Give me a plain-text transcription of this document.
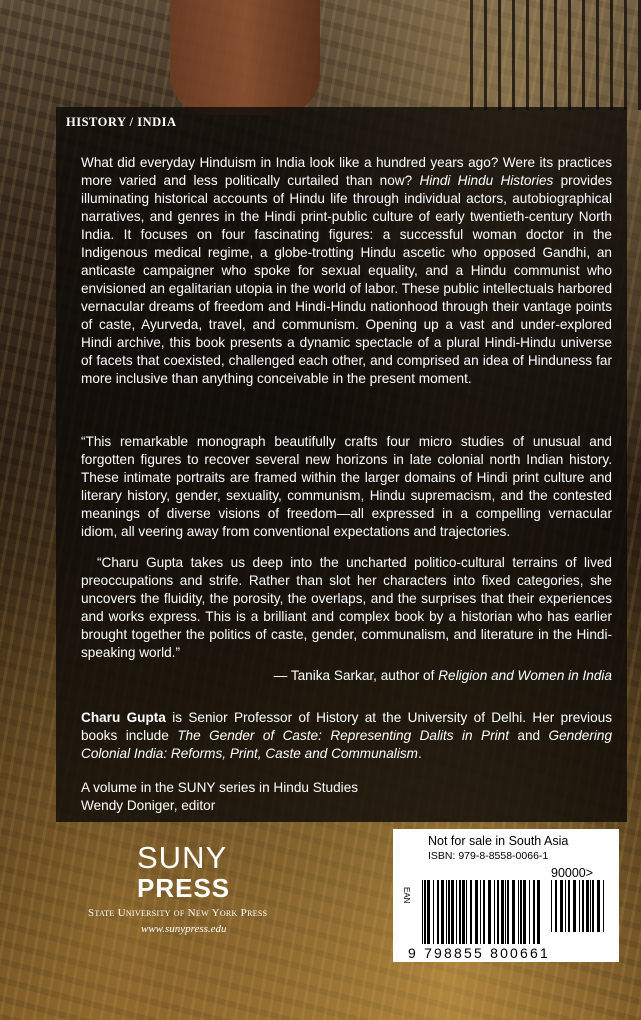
HISTORY / INDIA

What did everyday Hinduism in India look like a hundred years ago? Were its practices more varied and less politically curtailed than now? Hindi Hindu Histories provides illuminating historical accounts of Hindu life through individual actors, autobiographical narratives, and genres in the Hindi print-public culture of early twentieth-century North India. It focuses on four fascinating figures: a successful woman doctor in the Indigenous medical regime, a globe-trotting Hindu ascetic who opposed Gandhi, an anticaste campaigner who spoke for sexual equality, and a Hindu communist who envisioned an egalitarian utopia in the world of labor. These public intellectuals harbored vernacular dreams of freedom and Hindi-Hindu nationhood through their vantage points of caste, Ayurveda, travel, and communism. Opening up a vast and under-explored Hindi archive, this book presents a dynamic spectacle of a plural Hindi-Hindu universe of facets that coexisted, challenged each other, and comprised an idea of Hinduness far more inclusive than anything conceivable in the present moment.

“This remarkable monograph beautifully crafts four micro studies of unusual and forgotten figures to recover several new horizons in late colonial north Indian history. These intimate portraits are framed within the larger domains of Hindi print culture and literary history, gender, sexuality, communism, Hindu supremacism, and the contested meanings of diverse visions of freedom—all expressed in a compelling vernacular idiom, all veering away from conventional expectations and trajectories.

“Charu Gupta takes us deep into the uncharted politico-cultural terrains of lived preoccupations and strife. Rather than slot her characters into fixed categories, she uncovers the fluidity, the porosity, the overlaps, and the surprises that their experiences and works express. This is a brilliant and complex book by a historian who has earlier brought together the politics of caste, gender, communalism, and literature in the Hindi-speaking world.”

— Tanika Sarkar, author of Religion and Women in India

Charu Gupta is Senior Professor of History at the University of Delhi. Her previous books include The Gender of Caste: Representing Dalits in Print and Gendering Colonial India: Reforms, Print, Caste and Communalism.

A volume in the SUNY series in Hindu Studies
Wendy Doniger, editor
SUNY
PRESS
State University of New York Press
www.sunypress.edu
Not for sale in South Asia
ISBN: 979-8-8558-0066-1
90000>
EAN
9 798855 800661
